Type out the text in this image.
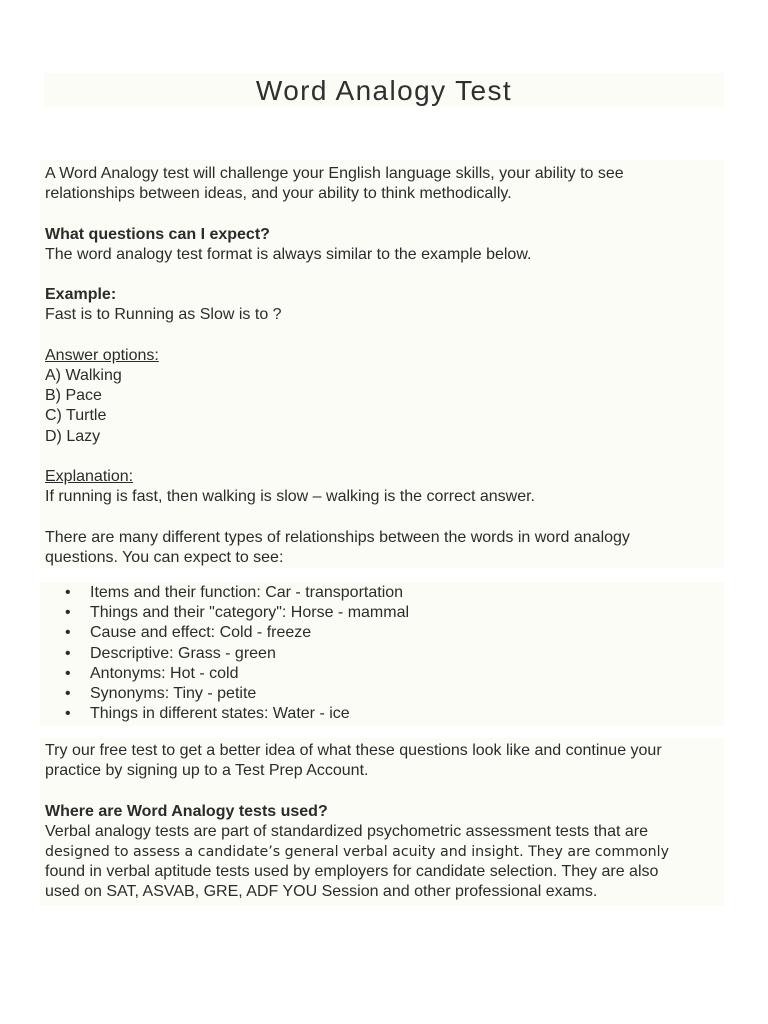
Word Analogy Test

A Word Analogy test will challenge your English language skills, your ability to see

relationships between ideas, and your ability to think methodically.

What questions can I expect?

The word analogy test format is always similar to the example below.

Example:

Fast is to Running as Slow is to ?

Answer options:

A) Walking

B) Pace

C) Turtle

D) Lazy

Explanation:

If running is fast, then walking is slow – walking is the correct answer.

There are many different types of relationships between the words in word analogy

questions. You can expect to see:

• Items and their function: Car - transportation
• Things and their "category": Horse - mammal
• Cause and effect: Cold - freeze
• Descriptive: Grass - green
• Antonyms: Hot - cold
• Synonyms: Tiny - petite
• Things in different states: Water - ice

Try our free test to get a better idea of what these questions look like and continue your

practice by signing up to a Test Prep Account.

Where are Word Analogy tests used?

Verbal analogy tests are part of standardized psychometric assessment tests that are

designed to assess a candidate’s general verbal acuity and insight. They are commonly

found in verbal aptitude tests used by employers for candidate selection. They are also

used on SAT, ASVAB, GRE, ADF YOU Session and other professional exams.
